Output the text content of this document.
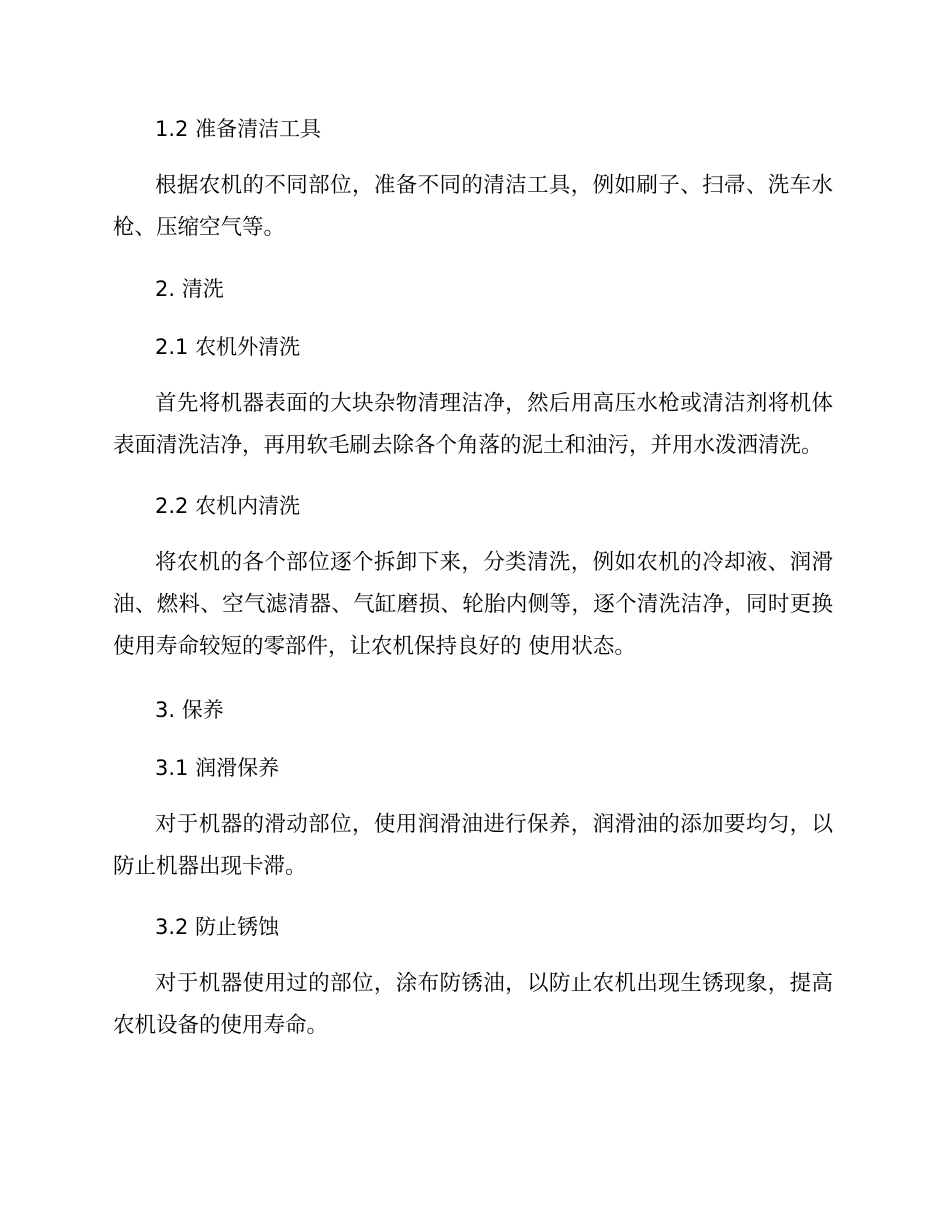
1.2 准备清洁工具

根据农机的不同部位，准备不同的清洁工具，例如刷子、扫帚、洗车水枪、压缩空气等。

2. 清洗
2.1 农机外清洗

首先将机器表面的大块杂物清理洁净，然后用高压水枪或清洁剂将机体表面清洗洁净，再用软毛刷去除各个角落的泥土和油污，并用水泼洒清洗。

2.2 农机内清洗

将农机的各个部位逐个拆卸下来，分类清洗，例如农机的冷却液、润滑油、燃料、空气滤清器、气缸磨损、轮胎内侧等，逐个清洗洁净，同时更换使用寿命较短的零部件，让农机保持良好的 使用状态。

3. 保养
3.1 润滑保养

对于机器的滑动部位，使用润滑油进行保养，润滑油的添加要均匀，以防止机器出现卡滞。

3.2 防止锈蚀

对于机器使用过的部位，涂布防锈油，以防止农机出现生锈现象，提高农机设备的使用寿命。
